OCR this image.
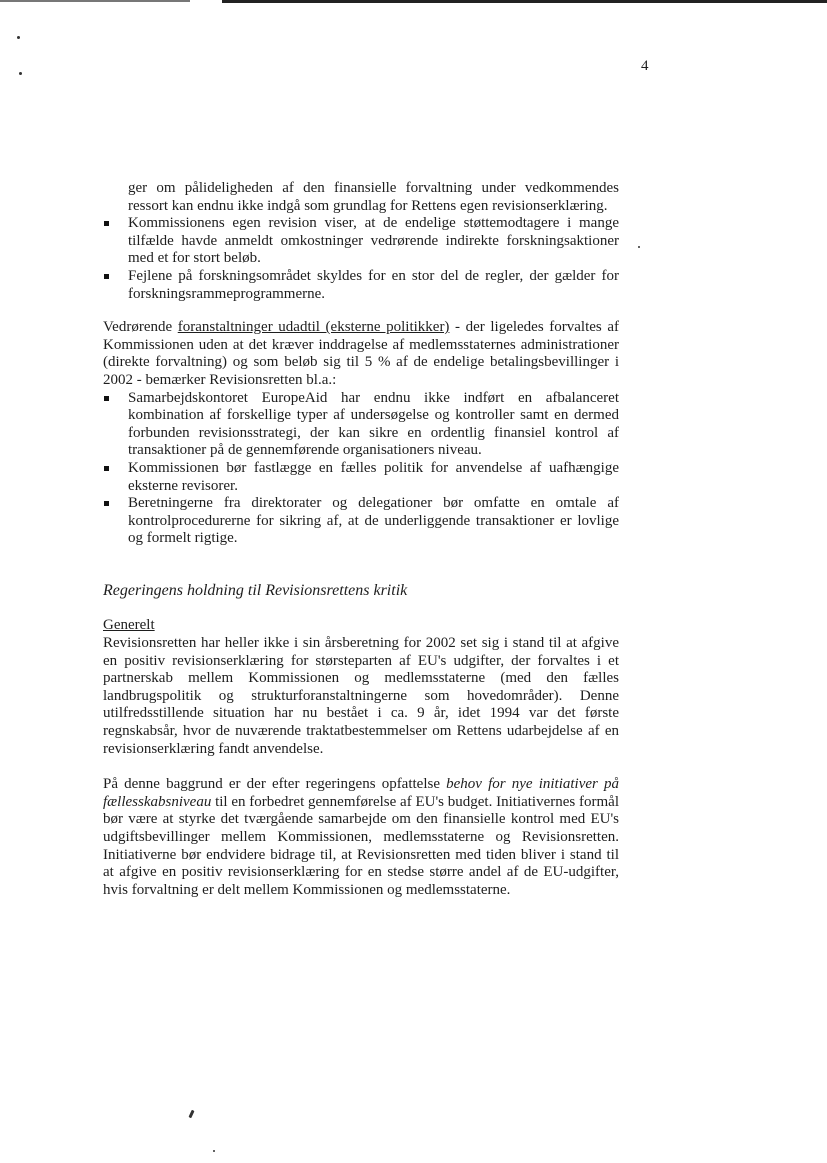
4

ger om pålideligheden af den finansielle forvaltning under vedkommendes ressort kan endnu ikke indgå som grundlag for Rettens egen revisionserklæring.

Kommissionens egen revision viser, at de endelige støttemodtagere i mange tilfælde havde anmeldt omkostninger vedrørende indirekte forskningsaktioner med et for stort beløb.
Fejlene på forskningsområdet skyldes for en stor del de regler, der gælder for forskningsrammeprogrammerne.

Vedrørende foranstaltninger udadtil (eksterne politikker) - der ligeledes forvaltes af Kommissionen uden at det kræver inddragelse af medlemsstaternes administrationer (direkte forvaltning) og som beløb sig til 5 % af de endelige betalingsbevillinger i 2002 - bemærker Revisionsretten bl.a.:

Samarbejdskontoret EuropeAid har endnu ikke indført en afbalanceret kombination af forskellige typer af undersøgelse og kontroller samt en dermed forbunden revisionsstrategi, der kan sikre en ordentlig finansiel kontrol af transaktioner på de gennemførende organisationers niveau.
Kommissionen bør fastlægge en fælles politik for anvendelse af uafhængige eksterne revisorer.
Beretningerne fra direktorater og delegationer bør omfatte en omtale af kontrolprocedurerne for sikring af, at de underliggende transaktioner er lovlige og formelt rigtige.

Regeringens holdning til Revisionsrettens kritik

Generelt

Revisionsretten har heller ikke i sin årsberetning for 2002 set sig i stand til at afgive en positiv revisionserklæring for størsteparten af EU's udgifter, der forvaltes i et partnerskab mellem Kommissionen og medlemsstaterne (med den fælles landbrugspolitik og strukturforanstaltningerne som hovedområder). Denne utilfredsstillende situation har nu bestået i ca. 9 år, idet 1994 var det første regnskabsår, hvor de nuværende traktatbestemmelser om Rettens udarbejdelse af en revisionserklæring fandt anvendelse.

På denne baggrund er der efter regeringens opfattelse behov for nye initiativer på fællesskabsniveau til en forbedret gennemførelse af EU's budget. Initiativernes formål bør være at styrke det tværgående samarbejde om den finansielle kontrol med EU's udgiftsbevillinger mellem Kommissionen, medlemsstaterne og Revisionsretten. Initiativerne bør endvidere bidrage til, at Revisionsretten med tiden bliver i stand til at afgive en positiv revisionserklæring for en stedse større andel af de EU-udgifter, hvis forvaltning er delt mellem Kommissionen og medlemsstaterne.
